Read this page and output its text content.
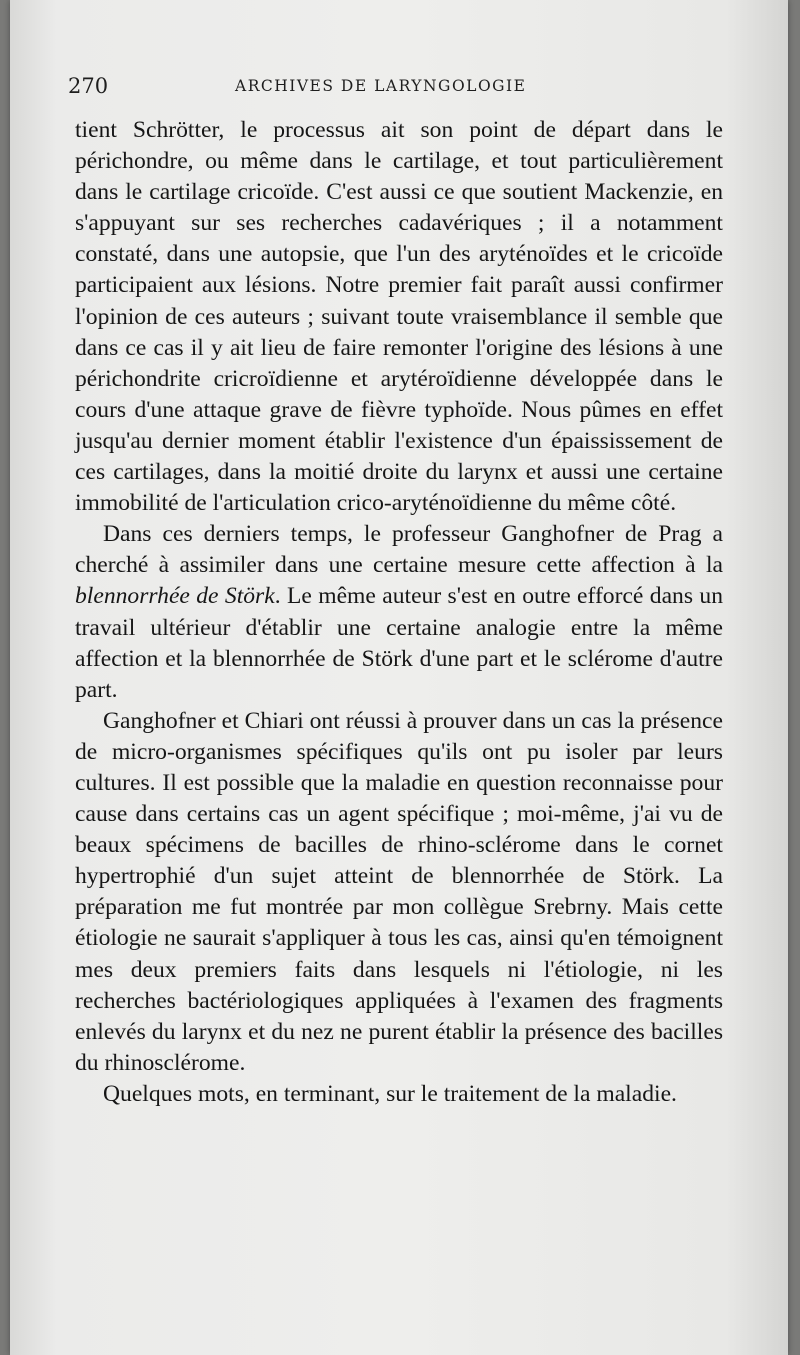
270	ARCHIVES DE LARYNGOLOGIE

tient Schrötter, le processus ait son point de départ dans le périchondre, ou même dans le cartilage, et tout particulièrement dans le cartilage cricoïde. C'est aussi ce que soutient Mackenzie, en s'appuyant sur ses recherches cadavériques ; il a notamment constaté, dans une autopsie, que l'un des aryténoïdes et le cricoïde participaient aux lésions. Notre premier fait paraît aussi confirmer l'opinion de ces auteurs ; suivant toute vraisemblance il semble que dans ce cas il y ait lieu de faire remonter l'origine des lésions à une périchondrite cricroïdienne et arytéroïdienne développée dans le cours d'une attaque grave de fièvre typhoïde. Nous pûmes en effet jusqu'au dernier moment établir l'existence d'un épaississement de ces cartilages, dans la moitié droite du larynx et aussi une certaine immobilité de l'articulation crico-aryténoïdienne du même côté.

Dans ces derniers temps, le professeur Ganghofner de Prag a cherché à assimiler dans une certaine mesure cette affection à la blennorrhée de Störk. Le même auteur s'est en outre efforcé dans un travail ultérieur d'établir une certaine analogie entre la même affection et la blennorrhée de Störk d'une part et le sclérome d'autre part.

Ganghofner et Chiari ont réussi à prouver dans un cas la présence de micro-organismes spécifiques qu'ils ont pu isoler par leurs cultures. Il est possible que la maladie en question reconnaisse pour cause dans certains cas un agent spécifique ; moi-même, j'ai vu de beaux spécimens de bacilles de rhino-sclérome dans le cornet hypertrophié d'un sujet atteint de blennorrhée de Störk. La préparation me fut montrée par mon collègue Srebrny. Mais cette étiologie ne saurait s'appliquer à tous les cas, ainsi qu'en témoignent mes deux premiers faits dans lesquels ni l'étiologie, ni les recherches bactériologiques appliquées à l'examen des fragments enlevés du larynx et du nez ne purent établir la présence des bacilles du rhinosclérome.

Quelques mots, en terminant, sur le traitement de la maladie.
